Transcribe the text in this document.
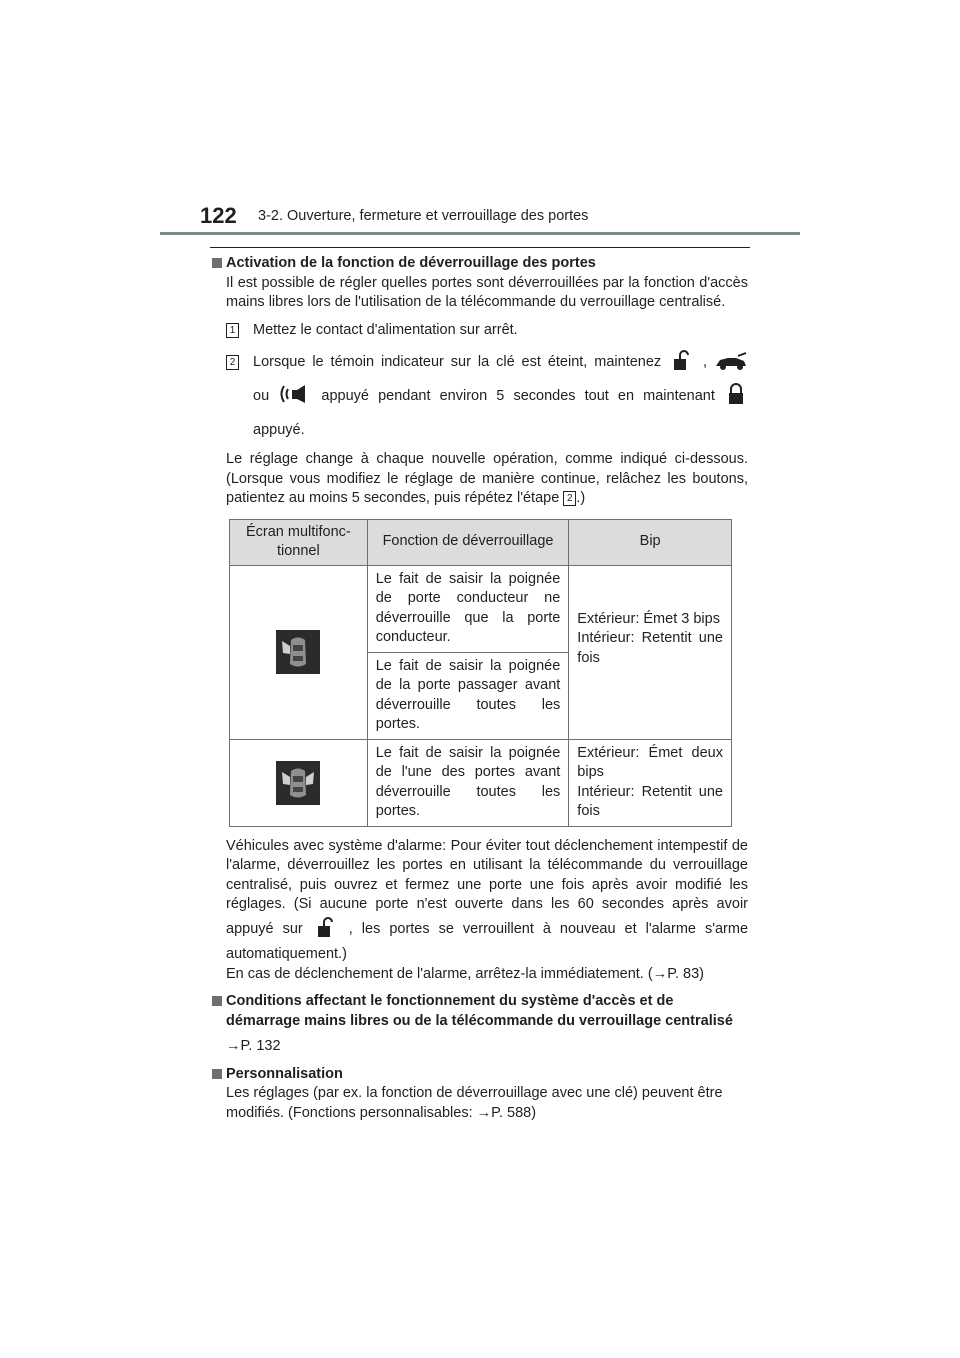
122 3-2. Ouverture, fermeture et verrouillage des portes

Activation de la fonction de déverrouillage des portes

Il est possible de régler quelles portes sont déverrouillées par la fonction d'accès mains libres lors de l'utilisation de la télécommande du verrouillage centralisé.

1 Mettez le contact d'alimentation sur arrêt.

2 Lorsque le témoin indicateur sur la clé est éteint, maintenez	,
ou	appuyé pendant environ 5 secondes tout en maintenant
appuyé.

Le réglage change à chaque nouvelle opération, comme indiqué ci-dessous. (Lorsque vous modifiez le réglage de manière continue, relâchez les boutons, patientez au moins 5 secondes, puis répétez l'étape 2 .)

Écran multifonc- tionnel	Fonction de déverrouillage	Bip
	Le fait de saisir la poignée de porte conducteur ne déverrouille que la porte conducteur.	Extérieur: Émet 3 bips
Intérieur: Retentit une fois

	Le fait de saisir la poignée de la porte passager avant déverrouille toutes les portes.	
	Le fait de saisir la poignée de l'une des portes avant déverrouille toutes les portes.	Extérieur: Émet deux bips
Intérieur: Retentit une fois

Véhicules avec système d'alarme: Pour éviter tout déclenchement intempestif de l'alarme, déverrouillez les portes en utilisant la télécommande du verrouillage centralisé, puis ouvrez et fermez une porte une fois après avoir modifié les réglages. (Si aucune porte n'est ouverte dans les 60 secondes après avoir appuyé sur	, les portes se verrouillent à nouveau et l'alarme s'arme automatiquement.)

En cas de déclenchement de l'alarme, arrêtez-la immédiatement. (→P. 83)

Conditions affectant le fonctionnement du système d'accès et de démarrage mains libres ou de la télécommande du verrouillage centralisé

→P. 132

Personnalisation

Les réglages (par ex. la fonction de déverrouillage avec une clé) peuvent être modifiés. (Fonctions personnalisables: →P. 588)
